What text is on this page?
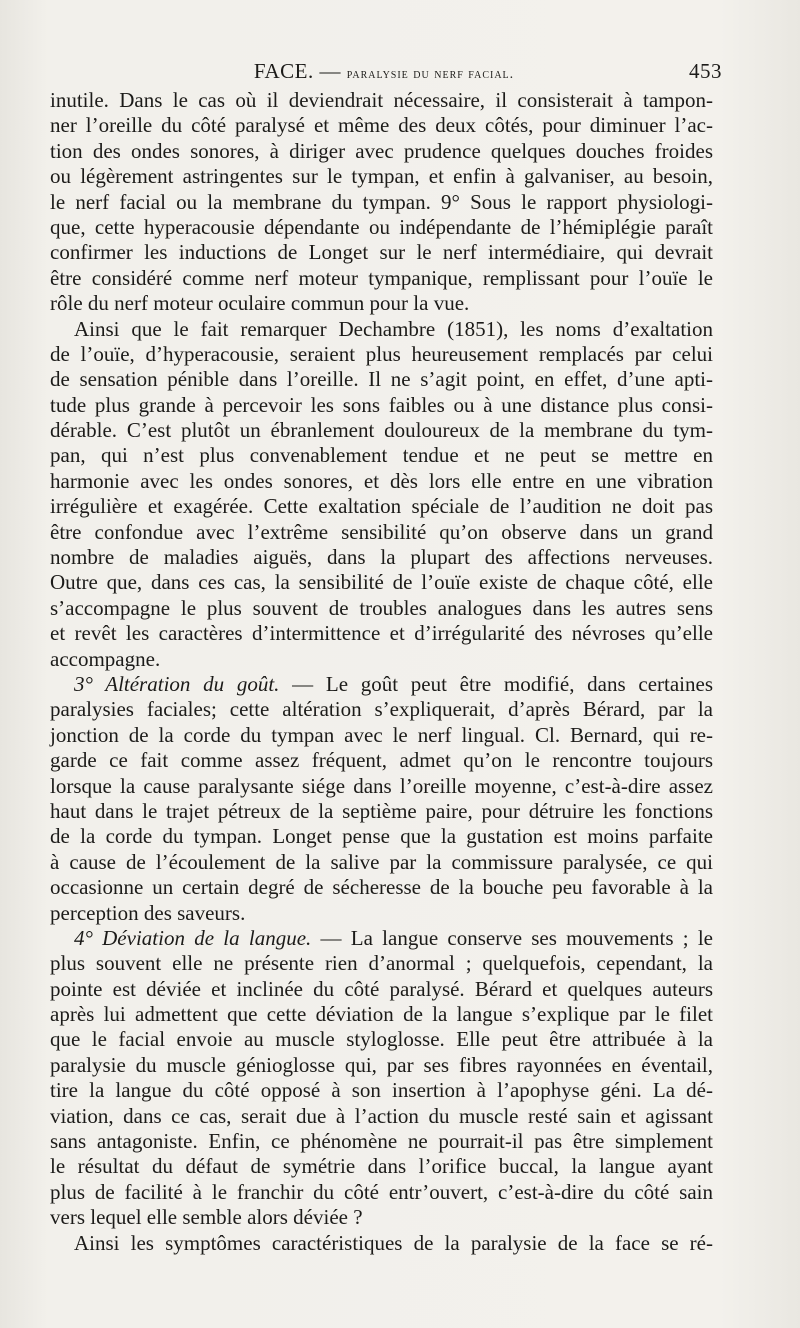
FACE. — paralysie du nerf facial.	453
inutile. Dans le cas où il deviendrait nécessaire, il consisterait à tampon-
ner l’oreille du côté paralysé et même des deux côtés, pour diminuer l’ac-
tion des ondes sonores, à diriger avec prudence quelques douches froides
ou légèrement astringentes sur le tympan, et enfin à galvaniser, au besoin,
le nerf facial ou la membrane du tympan. 9° Sous le rapport physiologi-
que, cette hyperacousie dépendante ou indépendante de l’hémiplégie paraît
confirmer les inductions de Longet sur le nerf intermédiaire, qui devrait
être considéré comme nerf moteur tympanique, remplissant pour l’ouïe le
rôle du nerf moteur oculaire commun pour la vue.
Ainsi que le fait remarquer Dechambre (1851), les noms d’exaltation
de l’ouïe, d’hyperacousie, seraient plus heureusement remplacés par celui
de sensation pénible dans l’oreille. Il ne s’agit point, en effet, d’une apti-
tude plus grande à percevoir les sons faibles ou à une distance plus consi-
dérable. C’est plutôt un ébranlement douloureux de la membrane du tym-
pan, qui n’est plus convenablement tendue et ne peut se mettre en
harmonie avec les ondes sonores, et dès lors elle entre en une vibration
irrégulière et exagérée. Cette exaltation spéciale de l’audition ne doit pas
être confondue avec l’extrême sensibilité qu’on observe dans un grand
nombre de maladies aiguës, dans la plupart des affections nerveuses.
Outre que, dans ces cas, la sensibilité de l’ouïe existe de chaque côté, elle
s’accompagne le plus souvent de troubles analogues dans les autres sens
et revêt les caractères d’intermittence et d’irrégularité des névroses qu’elle
accompagne.
3° Altération du goût. — Le goût peut être modifié, dans certaines
paralysies faciales; cette altération s’expliquerait, d’après Bérard, par la
jonction de la corde du tympan avec le nerf lingual. Cl. Bernard, qui re-
garde ce fait comme assez fréquent, admet qu’on le rencontre toujours
lorsque la cause paralysante siége dans l’oreille moyenne, c’est-à-dire assez
haut dans le trajet pétreux de la septième paire, pour détruire les fonctions
de la corde du tympan. Longet pense que la gustation est moins parfaite
à cause de l’écoulement de la salive par la commissure paralysée, ce qui
occasionne un certain degré de sécheresse de la bouche peu favorable à la
perception des saveurs.
4° Déviation de la langue. — La langue conserve ses mouvements ; le
plus souvent elle ne présente rien d’anormal ; quelquefois, cependant, la
pointe est déviée et inclinée du côté paralysé. Bérard et quelques auteurs
après lui admettent que cette déviation de la langue s’explique par le filet
que le facial envoie au muscle styloglosse. Elle peut être attribuée à la
paralysie du muscle génioglosse qui, par ses fibres rayonnées en éventail,
tire la langue du côté opposé à son insertion à l’apophyse géni. La dé-
viation, dans ce cas, serait due à l’action du muscle resté sain et agissant
sans antagoniste. Enfin, ce phénomène ne pourrait-il pas être simplement
le résultat du défaut de symétrie dans l’orifice buccal, la langue ayant
plus de facilité à le franchir du côté entr’ouvert, c’est-à-dire du côté sain
vers lequel elle semble alors déviée ?
Ainsi les symptômes caractéristiques de la paralysie de la face se ré-
